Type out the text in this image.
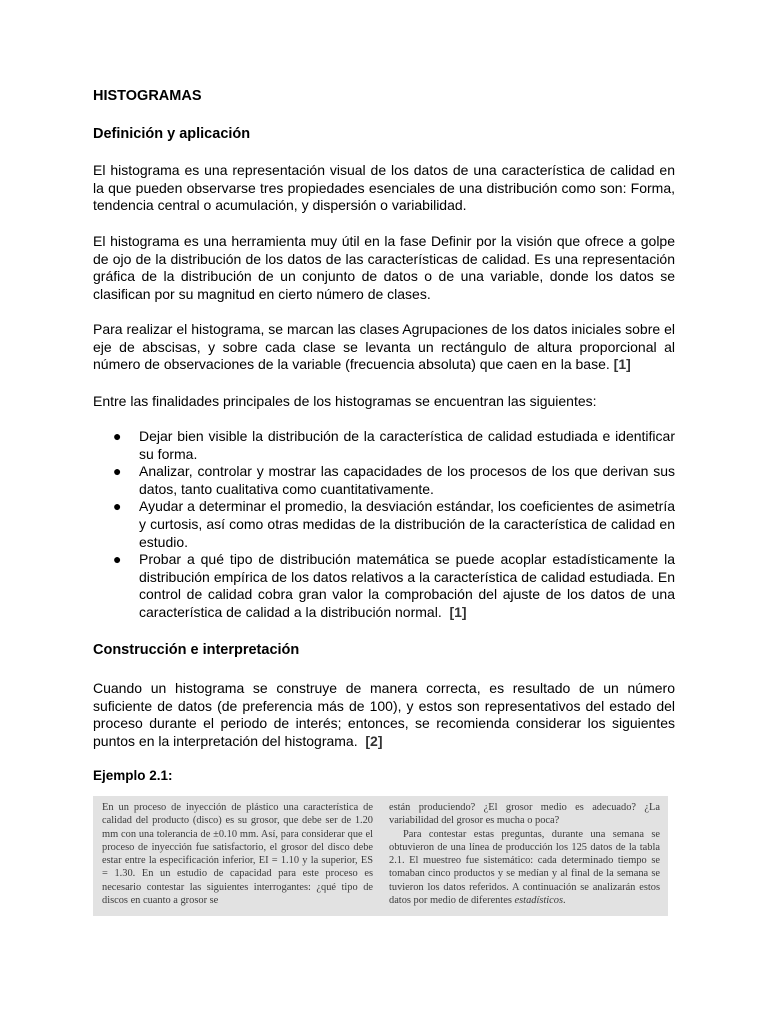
HISTOGRAMAS
Definición y aplicación

El histograma es una representación visual de los datos de una característica de calidad en la que pueden observarse tres propiedades esenciales de una distribución como son: Forma, tendencia central o acumulación, y dispersión o variabilidad.

El histograma es una herramienta muy útil en la fase Definir por la visión que ofrece a golpe de ojo de la distribución de los datos de las características de calidad. Es una representación gráfica de la distribución de un conjunto de datos o de una variable, donde los datos se clasifican por su magnitud en cierto número de clases.

Para realizar el histograma, se marcan las clases Agrupaciones de los datos iniciales sobre el eje de abscisas, y sobre cada clase se levanta un rectángulo de altura proporcional al número de observaciones de la variable (frecuencia absoluta) que caen en la base. [1]

Entre las finalidades principales de los histogramas se encuentran las siguientes:

● Dejar bien visible la distribución de la característica de calidad estudiada e identificar su forma.
● Analizar, controlar y mostrar las capacidades de los procesos de los que derivan sus datos, tanto cualitativa como cuantitativamente.
● Ayudar a determinar el promedio, la desviación estándar, los coeficientes de asimetría y curtosis, así como otras medidas de la distribución de la característica de calidad en estudio.
● Probar a qué tipo de distribución matemática se puede acoplar estadísticamente la distribución empírica de los datos relativos a la característica de calidad estudiada. En control de calidad cobra gran valor la comprobación del ajuste de los datos de una característica de calidad a la distribución normal. [1]
Construcción e interpretación

Cuando un histograma se construye de manera correcta, es resultado de un número suficiente de datos (de preferencia más de 100), y estos son representativos del estado del proceso durante el periodo de interés; entonces, se recomienda considerar los siguientes puntos en la interpretación del histograma. [2]

Ejemplo 2.1:

En un proceso de inyección de plástico una característica de calidad del producto (disco) es su grosor, que debe ser de 1.20 mm con una tolerancia de ±0.10 mm. Así, para considerar que el proceso de inyección fue satisfactorio, el grosor del disco debe estar entre la especificación inferior, EI = 1.10 y la superior, ES = 1.30. En un estudio de capacidad para este proceso es necesario contestar las siguientes interrogantes: ¿qué tipo de discos en cuanto a grosor se

están produciendo? ¿El grosor medio es adecuado? ¿La variabilidad del grosor es mucha o poca?

Para contestar estas preguntas, durante una semana se obtuvieron de una línea de producción los 125 datos de la tabla 2.1. El muestreo fue sistemático: cada determinado tiempo se tomaban cinco productos y se medían y al final de la semana se tuvieron los datos referidos. A continuación se analizarán estos datos por medio de diferentes estadísticos.
